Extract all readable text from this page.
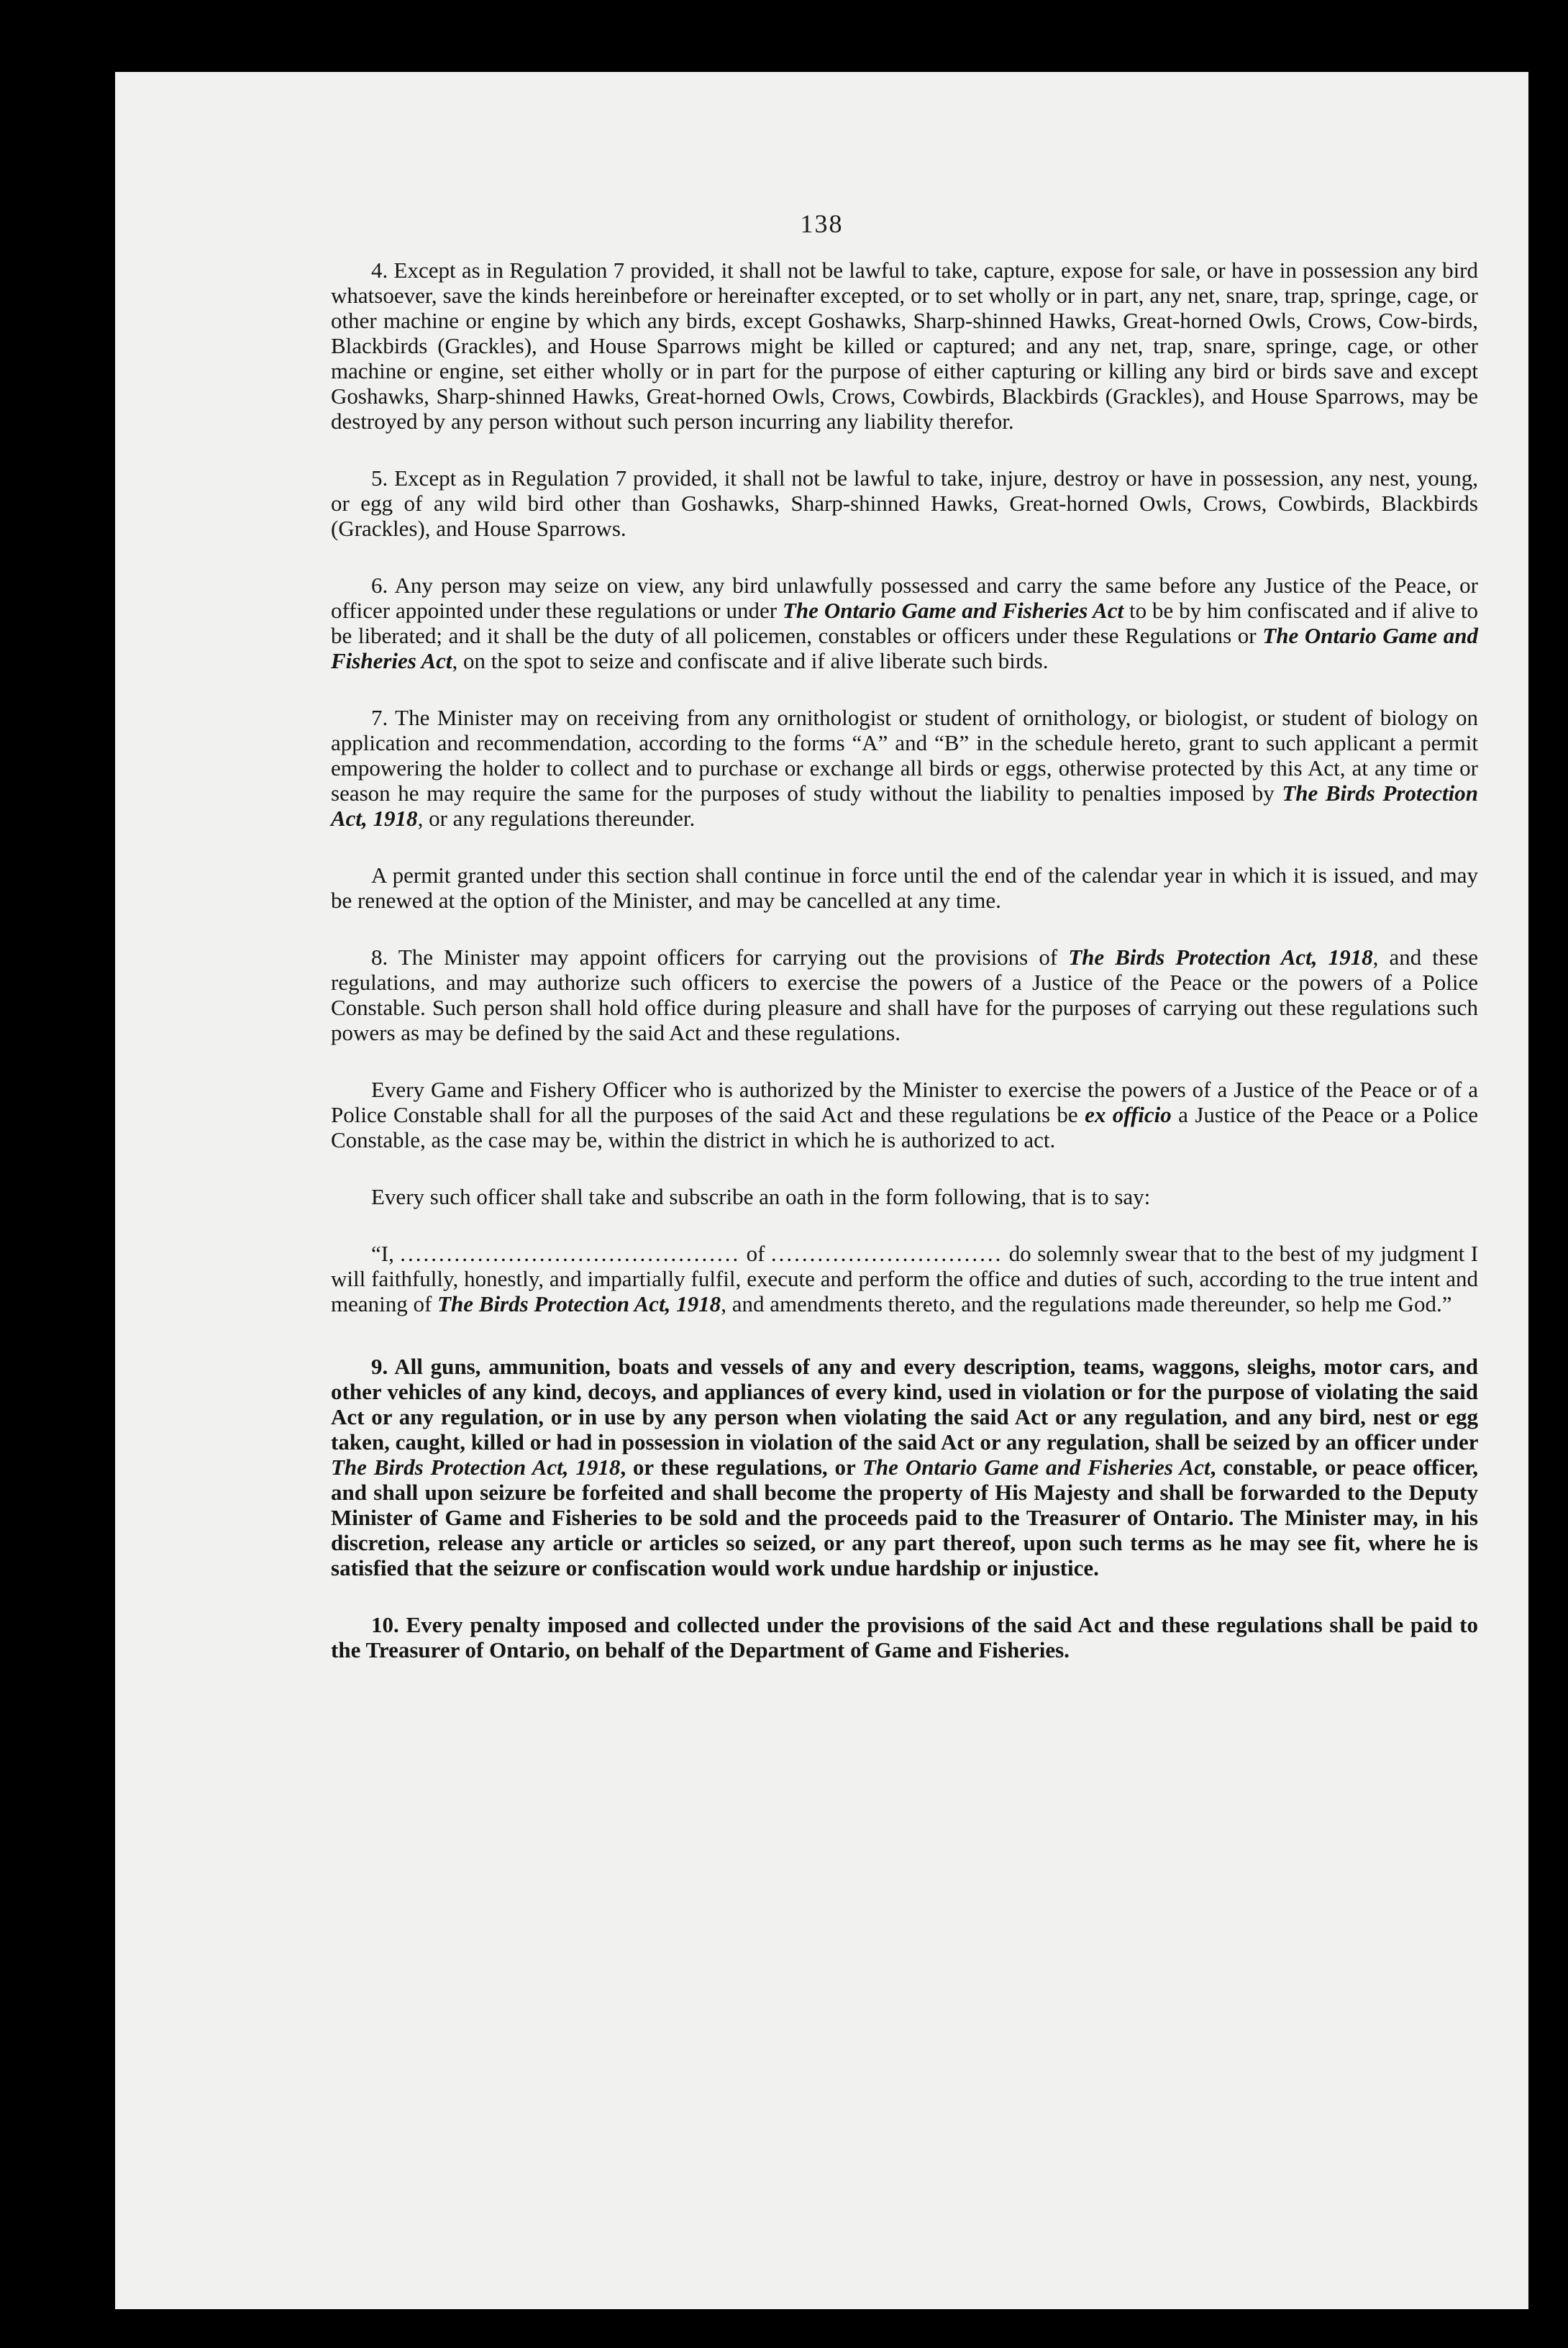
138

4. Except as in Regulation 7 provided, it shall not be lawful to take, capture, expose for sale, or have in possession any bird whatsoever, save the kinds hereinbefore or hereinafter excepted, or to set wholly or in part, any net, snare, trap, springe, cage, or other machine or engine by which any birds, except Goshawks, Sharp-shinned Hawks, Great-horned Owls, Crows, Cow-birds, Blackbirds (Grackles), and House Sparrows might be killed or captured; and any net, trap, snare, springe, cage, or other machine or engine, set either wholly or in part for the purpose of either capturing or killing any bird or birds save and except Goshawks, Sharp-shinned Hawks, Great-horned Owls, Crows, Cowbirds, Blackbirds (Grackles), and House Sparrows, may be destroyed by any person without such person incurring any liability therefor.

5. Except as in Regulation 7 provided, it shall not be lawful to take, injure, destroy or have in possession, any nest, young, or egg of any wild bird other than Goshawks, Sharp-shinned Hawks, Great-horned Owls, Crows, Cowbirds, Blackbirds (Grackles), and House Sparrows.

6. Any person may seize on view, any bird unlawfully possessed and carry the same before any Justice of the Peace, or officer appointed under these regulations or under The Ontario Game and Fisheries Act to be by him confiscated and if alive to be liberated; and it shall be the duty of all policemen, constables or officers under these Regulations or The Ontario Game and Fisheries Act, on the spot to seize and confiscate and if alive liberate such birds.

7. The Minister may on receiving from any ornithologist or student of ornithology, or biologist, or student of biology on application and recommendation, according to the forms “A” and “B” in the schedule hereto, grant to such applicant a permit empowering the holder to collect and to purchase or exchange all birds or eggs, otherwise protected by this Act, at any time or season he may require the same for the purposes of study without the liability to penalties imposed by The Birds Protection Act, 1918, or any regulations thereunder.

A permit granted under this section shall continue in force until the end of the calendar year in which it is issued, and may be renewed at the option of the Minister, and may be cancelled at any time.

8. The Minister may appoint officers for carrying out the provisions of The Birds Protection Act, 1918, and these regulations, and may authorize such officers to exercise the powers of a Justice of the Peace or the powers of a Police Constable. Such person shall hold office during pleasure and shall have for the purposes of carrying out these regulations such powers as may be defined by the said Act and these regulations.

Every Game and Fishery Officer who is authorized by the Minister to exercise the powers of a Justice of the Peace or of a Police Constable shall for all the purposes of the said Act and these regulations be ex officio a Justice of the Peace or a Police Constable, as the case may be, within the district in which he is authorized to act.

Every such officer shall take and subscribe an oath in the form following, that is to say:

“I, ............................................ of .............................. do solemnly swear that to the best of my judgment I will faithfully, honestly, and impartially fulfil, execute and perform the office and duties of such, according to the true intent and meaning of The Birds Protection Act, 1918, and amendments thereto, and the regulations made thereunder, so help me God.”

9. All guns, ammunition, boats and vessels of any and every description, teams, waggons, sleighs, motor cars, and other vehicles of any kind, decoys, and appliances of every kind, used in violation or for the purpose of violating the said Act or any regulation, or in use by any person when violating the said Act or any regulation, and any bird, nest or egg taken, caught, killed or had in possession in violation of the said Act or any regulation, shall be seized by an officer under The Birds Protection Act, 1918, or these regulations, or The Ontario Game and Fisheries Act, constable, or peace officer, and shall upon seizure be forfeited and shall become the property of His Majesty and shall be forwarded to the Deputy Minister of Game and Fisheries to be sold and the proceeds paid to the Treasurer of Ontario. The Minister may, in his discretion, release any article or articles so seized, or any part thereof, upon such terms as he may see fit, where he is satisfied that the seizure or confiscation would work undue hardship or injustice.

10. Every penalty imposed and collected under the provisions of the said Act and these regulations shall be paid to the Treasurer of Ontario, on behalf of the Department of Game and Fisheries.
